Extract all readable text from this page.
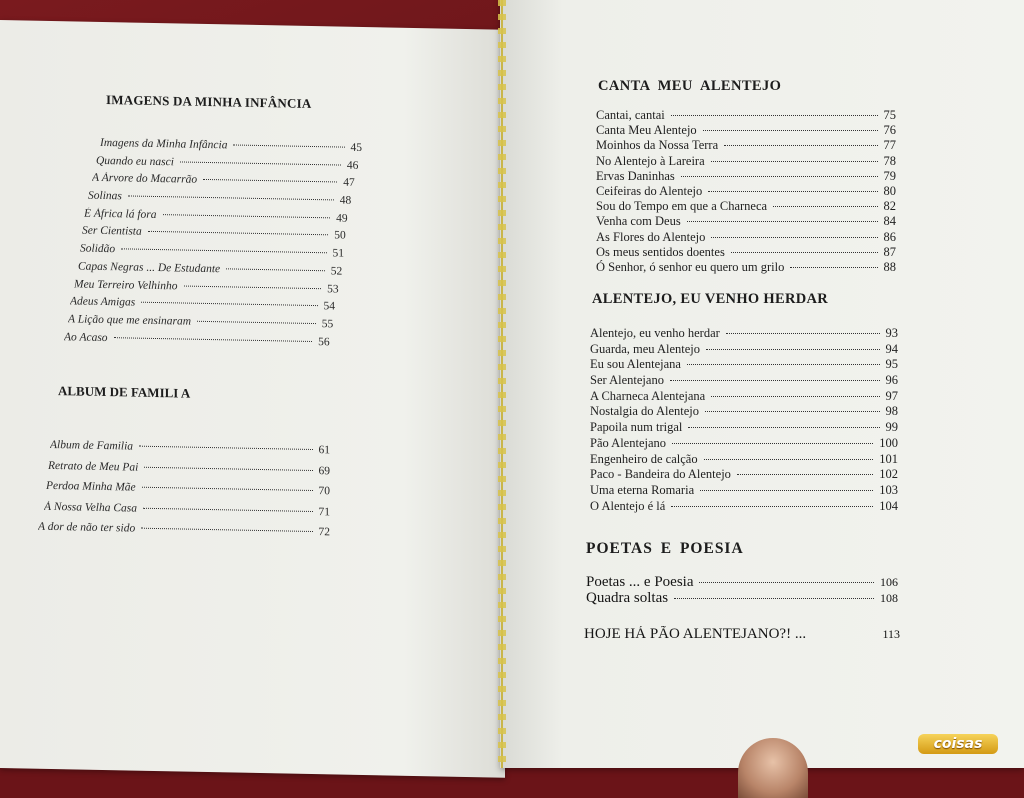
IMAGENS DA MINHA INFÂNCIA
Imagens da Minha Infância	45
Quando eu nasci	46
A Árvore do Macarrão	47
Solinas	48
É África lá fora	49
Ser Cientista	50
Solidão	51
Capas Negras ... De Estudante	52
Meu Terreiro Velhinho	53
Adeus Amigas	54
A Lição que me ensinaram	55
Ao Acaso	56
ALBUM DE FAMILI A
Album de Familia	61
Retrato de Meu Pai	69
Perdoa Minha Mãe	70
À Nossa Velha Casa	71
A dor de não ter sido	72
CANTA MEU ALENTEJO
Cantai, cantai	75
Canta Meu Alentejo	76
Moinhos da Nossa Terra	77
No Alentejo à Lareira	78
Ervas Daninhas	79
Ceifeiras do Alentejo	80
Sou do Tempo em que a Charneca	82
Venha com Deus	84
As Flores do Alentejo	86
Os meus sentidos doentes	87
Ó Senhor, ó senhor eu quero um grilo	88
ALENTEJO, EU VENHO HERDAR
Alentejo, eu venho herdar	93
Guarda, meu Alentejo	94
Eu sou Alentejana	95
Ser Alentejano	96
A Charneca Alentejana	97
Nostalgia do Alentejo	98
Papoila num trigal	99
Pão Alentejano	100
Engenheiro de calção	101
Paco - Bandeira do Alentejo	102
Uma eterna Romaria	103
O Alentejo é lá	104
POETAS E POESIA
Poetas ... e Poesia	106
Quadra soltas	108
HOJE HÁ PÃO ALENTEJANO?! ...	113
coisas
